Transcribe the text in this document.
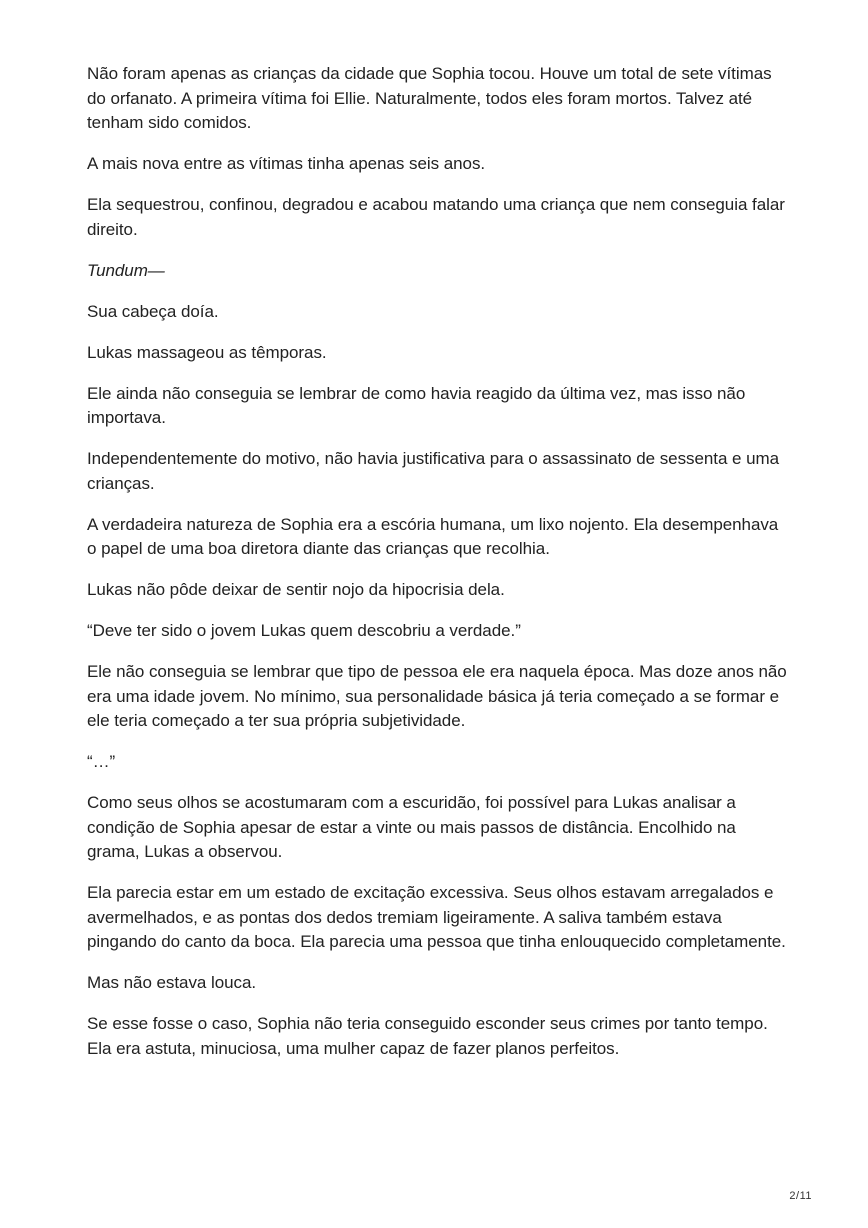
Não foram apenas as crianças da cidade que Sophia tocou. Houve um total de sete vítimas do orfanato. A primeira vítima foi Ellie. Naturalmente, todos eles foram mortos. Talvez até tenham sido comidos.

A mais nova entre as vítimas tinha apenas seis anos.

Ela sequestrou, confinou, degradou e acabou matando uma criança que nem conseguia falar direito.

Tundum—

Sua cabeça doía.

Lukas massageou as têmporas.

Ele ainda não conseguia se lembrar de como havia reagido da última vez, mas isso não importava.

Independentemente do motivo, não havia justificativa para o assassinato de sessenta e uma crianças.

A verdadeira natureza de Sophia era a escória humana, um lixo nojento. Ela desempenhava o papel de uma boa diretora diante das crianças que recolhia.

Lukas não pôde deixar de sentir nojo da hipocrisia dela.

“Deve ter sido o jovem Lukas quem descobriu a verdade.”

Ele não conseguia se lembrar que tipo de pessoa ele era naquela época. Mas doze anos não era uma idade jovem. No mínimo, sua personalidade básica já teria começado a se formar e ele teria começado a ter sua própria subjetividade.

“…”

Como seus olhos se acostumaram com a escuridão, foi possível para Lukas analisar a condição de Sophia apesar de estar a vinte ou mais passos de distância. Encolhido na grama, Lukas a observou.

Ela parecia estar em um estado de excitação excessiva. Seus olhos estavam arregalados e avermelhados, e as pontas dos dedos tremiam ligeiramente. A saliva também estava pingando do canto da boca. Ela parecia uma pessoa que tinha enlouquecido completamente.

Mas não estava louca.

Se esse fosse o caso, Sophia não teria conseguido esconder seus crimes por tanto tempo. Ela era astuta, minuciosa, uma mulher capaz de fazer planos perfeitos.

2/11
